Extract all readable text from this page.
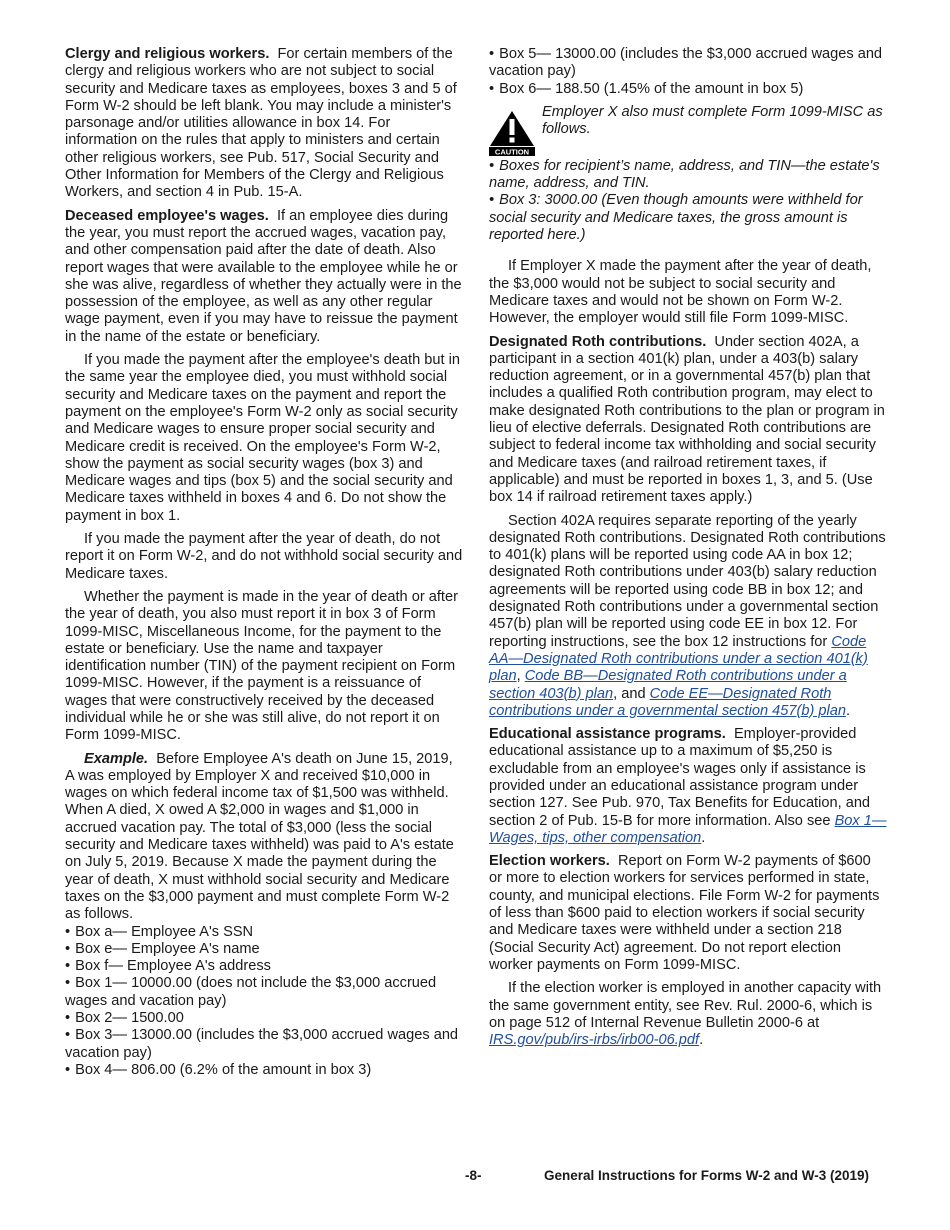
Clergy and religious workers. For certain members of the clergy and religious workers who are not subject to social security and Medicare taxes as employees, boxes 3 and 5 of Form W-2 should be left blank. You may include a minister's parsonage and/or utilities allowance in box 14. For information on the rules that apply to ministers and certain other religious workers, see Pub. 517, Social Security and Other Information for Members of the Clergy and Religious Workers, and section 4 in Pub. 15-A.

Deceased employee's wages. If an employee dies during the year, you must report the accrued wages, vacation pay, and other compensation paid after the date of death. Also report wages that were available to the employee while he or she was alive, regardless of whether they actually were in the possession of the employee, as well as any other regular wage payment, even if you may have to reissue the payment in the name of the estate or beneficiary.

If you made the payment after the employee's death but in the same year the employee died, you must withhold social security and Medicare taxes on the payment and report the payment on the employee's Form W-2 only as social security and Medicare wages to ensure proper social security and Medicare credit is received. On the employee's Form W-2, show the payment as social security wages (box 3) and Medicare wages and tips (box 5) and the social security and Medicare taxes withheld in boxes 4 and 6. Do not show the payment in box 1.

If you made the payment after the year of death, do not report it on Form W-2, and do not withhold social security and Medicare taxes.

Whether the payment is made in the year of death or after the year of death, you also must report it in box 3 of Form 1099-MISC, Miscellaneous Income, for the payment to the estate or beneficiary. Use the name and taxpayer identification number (TIN) of the payment recipient on Form 1099-MISC. However, if the payment is a reissuance of wages that were constructively received by the deceased individual while he or she was still alive, do not report it on Form 1099-MISC.

Example. Before Employee A's death on June 15, 2019, A was employed by Employer X and received $10,000 in wages on which federal income tax of $1,500 was withheld. When A died, X owed A $2,000 in wages and $1,000 in accrued vacation pay. The total of $3,000 (less the social security and Medicare taxes withheld) was paid to A's estate on July 5, 2019. Because X made the payment during the year of death, X must withhold social security and Medicare taxes on the $3,000 payment and must complete Form W-2 as follows.

• Box a— Employee A's SSN

• Box e— Employee A's name

• Box f— Employee A's address

• Box 1— 10000.00 (does not include the $3,000 accrued wages and vacation pay)

• Box 2— 1500.00

• Box 3— 13000.00 (includes the $3,000 accrued wages and vacation pay)

• Box 4— 806.00 (6.2% of the amount in box 3)

• Box 5— 13000.00 (includes the $3,000 accrued wages and vacation pay)

• Box 6— 188.50 (1.45% of the amount in box 5)

CAUTION
Employer X also must complete Form 1099-MISC as follows.

• Boxes for recipient’s name, address, and TIN—the estate's name, address, and TIN.

• Box 3: 3000.00 (Even though amounts were withheld for social security and Medicare taxes, the gross amount is reported here.)

If Employer X made the payment after the year of death, the $3,000 would not be subject to social security and Medicare taxes and would not be shown on Form W-2. However, the employer would still file Form 1099-MISC.

Designated Roth contributions. Under section 402A, a participant in a section 401(k) plan, under a 403(b) salary reduction agreement, or in a governmental 457(b) plan that includes a qualified Roth contribution program, may elect to make designated Roth contributions to the plan or program in lieu of elective deferrals. Designated Roth contributions are subject to federal income tax withholding and social security and Medicare taxes (and railroad retirement taxes, if applicable) and must be reported in boxes 1, 3, and 5. (Use box 14 if railroad retirement taxes apply.)

Section 402A requires separate reporting of the yearly designated Roth contributions. Designated Roth contributions to 401(k) plans will be reported using code AA in box 12; designated Roth contributions under 403(b) salary reduction agreements will be reported using code BB in box 12; and designated Roth contributions under a governmental section 457(b) plan will be reported using code EE in box 12. For reporting instructions, see the box 12 instructions for Code AA—Designated Roth contributions under a section 401(k) plan, Code BB—Designated Roth contributions under a section 403(b) plan, and Code EE—Designated Roth contributions under a governmental section 457(b) plan.

Educational assistance programs. Employer-provided educational assistance up to a maximum of $5,250 is excludable from an employee's wages only if assistance is provided under an educational assistance program under section 127. See Pub. 970, Tax Benefits for Education, and section 2 of Pub. 15-B for more information. Also see Box 1—Wages, tips, other compensation.

Election workers. Report on Form W-2 payments of $600 or more to election workers for services performed in state, county, and municipal elections. File Form W-2 for payments of less than $600 paid to election workers if social security and Medicare taxes were withheld under a section 218 (Social Security Act) agreement. Do not report election worker payments on Form 1099-MISC.

If the election worker is employed in another capacity with the same government entity, see Rev. Rul. 2000-6, which is on page 512 of Internal Revenue Bulletin 2000-6 at IRS.gov/pub/irs-irbs/irb00-06.pdf.

-8-	General Instructions for Forms W-2 and W-3 (2019)
